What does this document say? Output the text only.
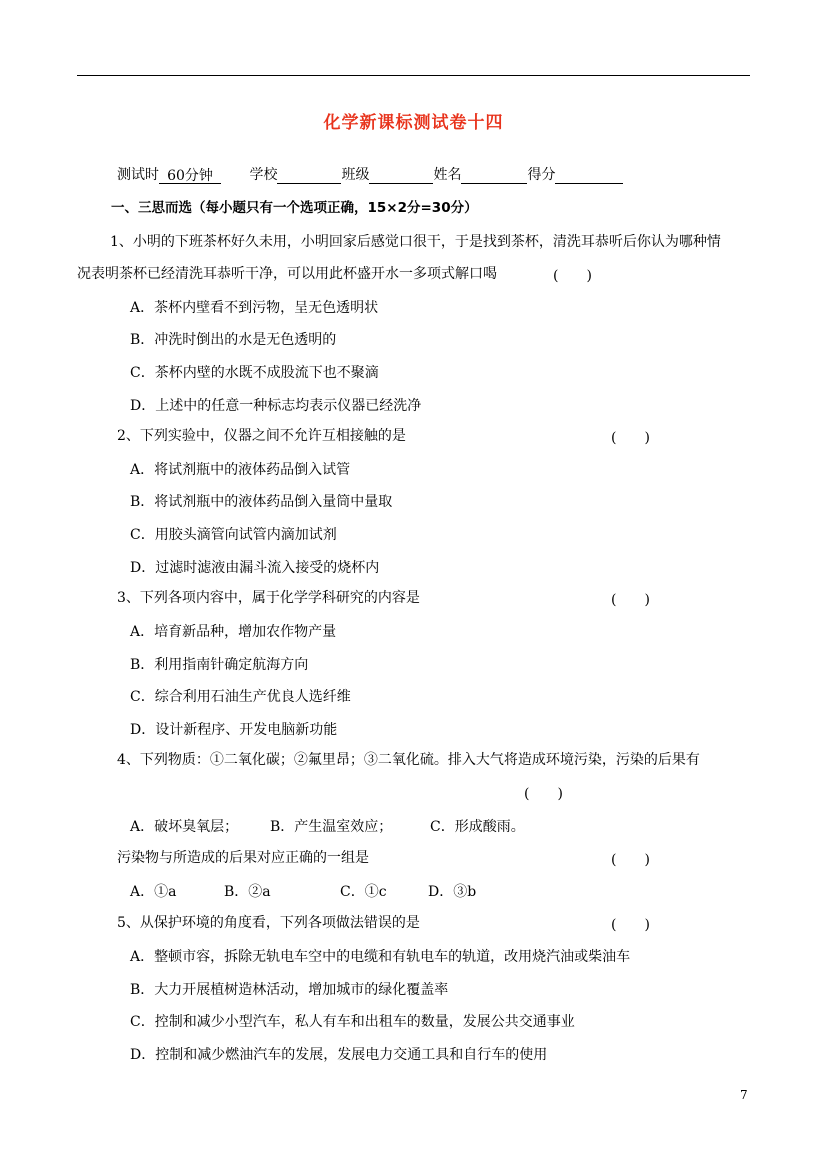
化学新课标测试卷十四
测试时 60分钟	学校	班级	姓名	得分
一、三思而选（每小题只有一个选项正确，15×2分=30分）
1、小明的下班茶杯好久未用，小明回家后感觉口很干，于是找到茶杯，清洗耳恭听后你认为哪种情
况表明茶杯已经清洗耳恭听干净，可以用此杯盛开水一多项式解口喝	(　　)
A．茶杯内壁看不到污物，呈无色透明状
B．冲洗时倒出的水是无色透明的
C．茶杯内壁的水既不成股流下也不聚滴
D．上述中的任意一种标志均表示仪器已经洗净
2、下列实验中，仪器之间不允许互相接触的是	(　　)
A．将试剂瓶中的液体药品倒入试管
B．将试剂瓶中的液体药品倒入量筒中量取
C．用胶头滴管向试管内滴加试剂
D．过滤时滤液由漏斗流入接受的烧杯内
3、下列各项内容中，属于化学学科研究的内容是	(　　)
A．培育新品种，增加农作物产量
B．利用指南针确定航海方向
C．综合利用石油生产优良人选纤维
D．设计新程序、开发电脑新功能
4、下列物质：①二氧化碳；②氟里昂；③二氧化硫。排入大气将造成环境污染，污染的后果有
(　　)
A．破坏臭氧层； B．产生温室效应；	C．形成酸雨。
污染物与所造成的后果对应正确的一组是	(　　)
A．①a	B．②a	C．①c	D．③b
5、从保护环境的角度看，下列各项做法错误的是	(　　)
A．整顿市容，拆除无轨电车空中的电缆和有轨电车的轨道，改用烧汽油或柴油车
B．大力开展植树造林活动，增加城市的绿化覆盖率
C．控制和减少小型汽车，私人有车和出租车的数量，发展公共交通事业
D．控制和减少燃油汽车的发展，发展电力交通工具和自行车的使用
7
